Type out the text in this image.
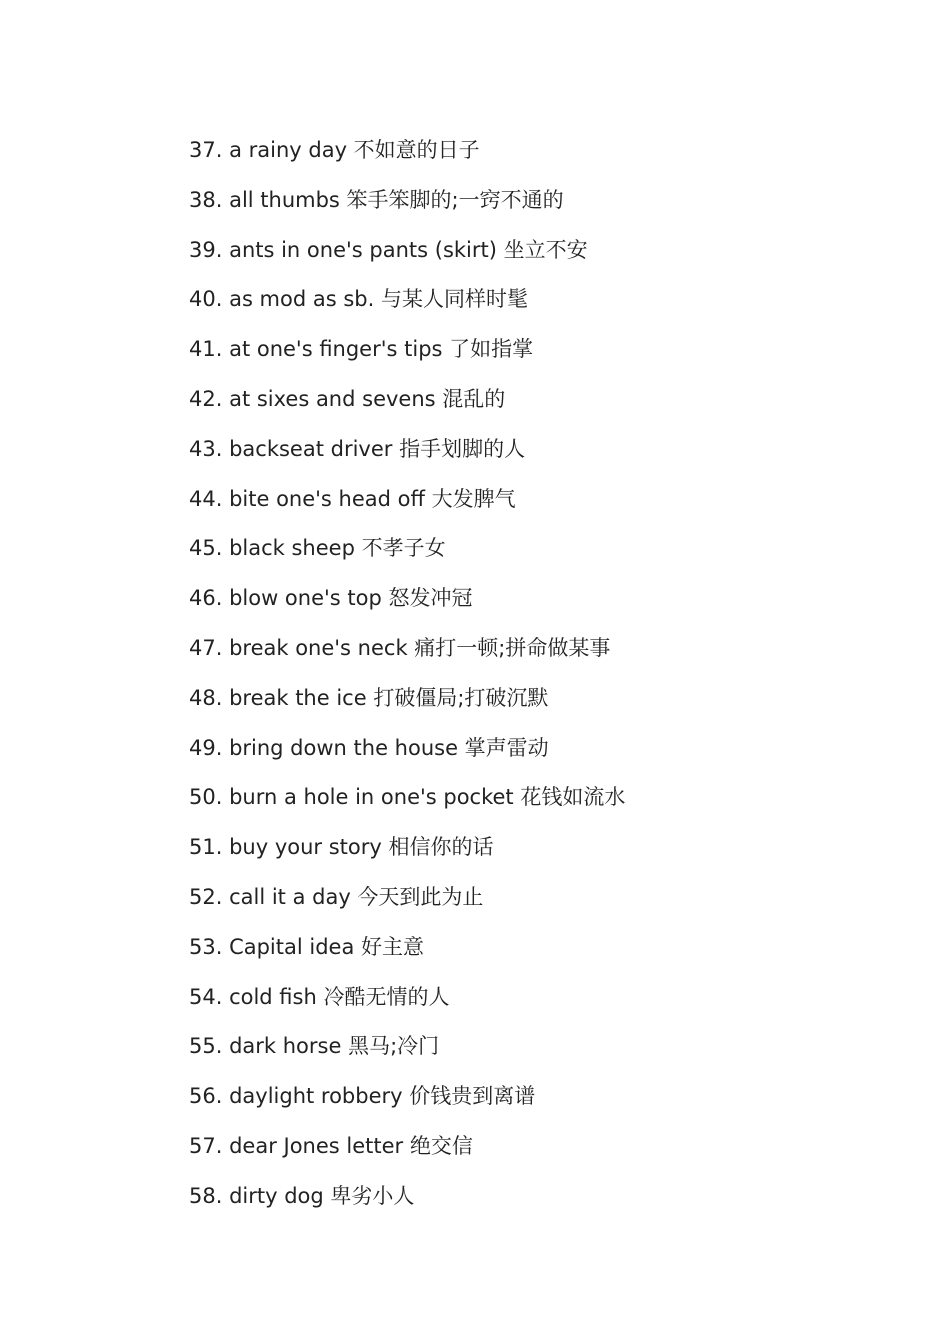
37. a rainy day 不如意的日子
38. all thumbs 笨手笨脚的;一窍不通的
39. ants in one's pants (skirt) 坐立不安
40. as mod as sb. 与某人同样时髦
41. at one's finger's tips 了如指掌
42. at sixes and sevens 混乱的
43. backseat driver 指手划脚的人
44. bite one's head off 大发脾气
45. black sheep 不孝子女
46. blow one's top 怒发冲冠
47. break one's neck 痛打一顿;拼命做某事
48. break the ice 打破僵局;打破沉默
49. bring down the house 掌声雷动
50. burn a hole in one's pocket 花钱如流水
51. buy your story 相信你的话
52. call it a day 今天到此为止
53. Capital idea 好主意
54. cold fish 冷酷无情的人
55. dark horse 黑马;冷门
56. daylight robbery 价钱贵到离谱
57. dear Jones letter 绝交信
58. dirty dog 卑劣小人
